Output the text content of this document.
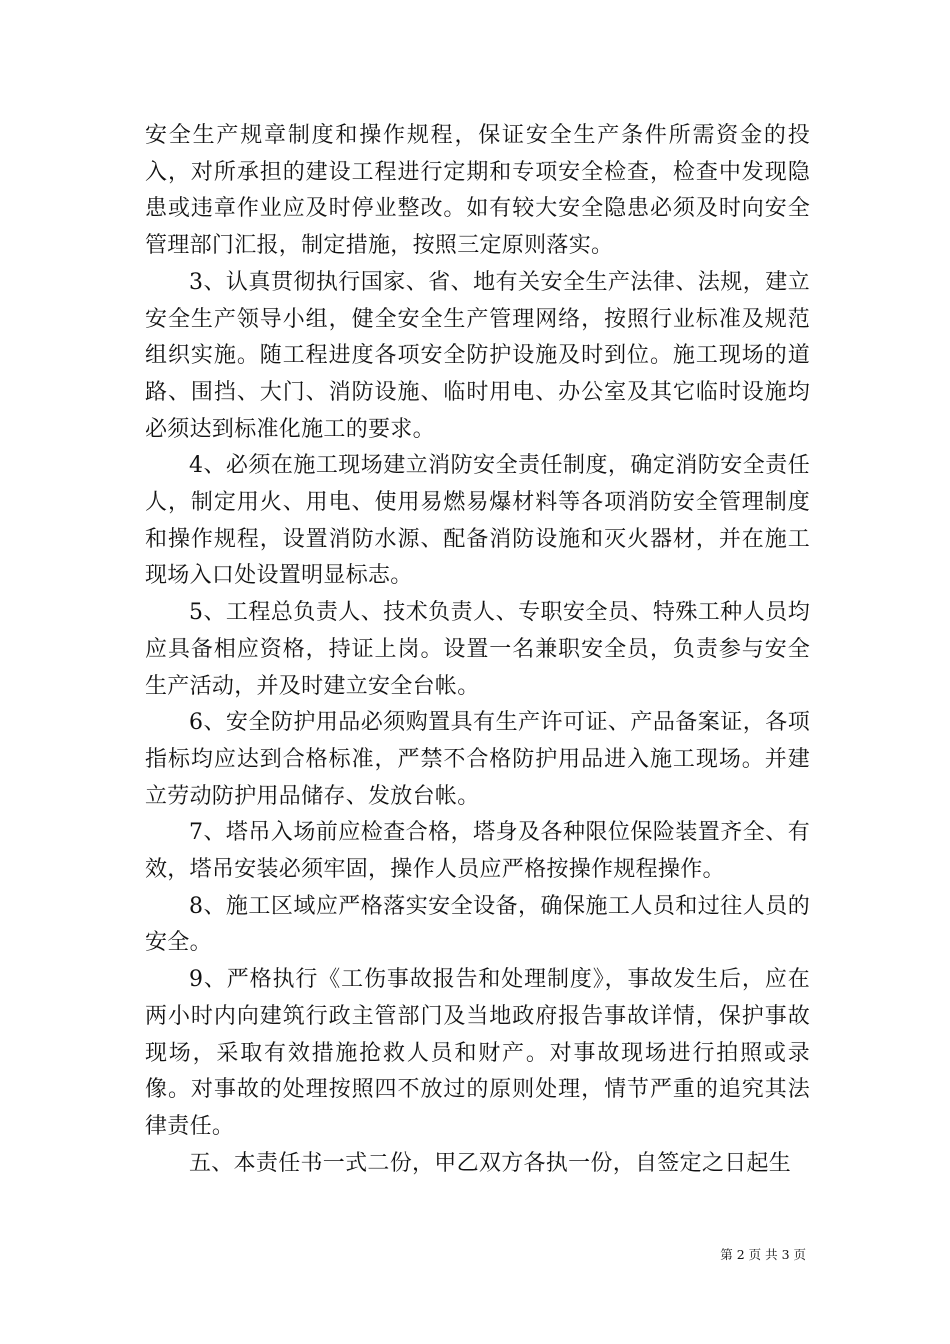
安全生产规章制度和操作规程，保证安全生产条件所需资金的投入，对所承担的建设工程进行定期和专项安全检查，检查中发现隐患或违章作业应及时停业整改。如有较大安全隐患必须及时向安全管理部门汇报，制定措施，按照三定原则落实。

3、认真贯彻执行国家、省、地有关安全生产法律、法规，建立安全生产领导小组，健全安全生产管理网络，按照行业标准及规范组织实施。随工程进度各项安全防护设施及时到位。施工现场的道路、围挡、大门、消防设施、临时用电、办公室及其它临时设施均必须达到标准化施工的要求。

4、必须在施工现场建立消防安全责任制度，确定消防安全责任人，制定用火、用电、使用易燃易爆材料等各项消防安全管理制度和操作规程，设置消防水源、配备消防设施和灭火器材，并在施工现场入口处设置明显标志。

5、工程总负责人、技术负责人、专职安全员、特殊工种人员均应具备相应资格，持证上岗。设置一名兼职安全员，负责参与安全生产活动，并及时建立安全台帐。

6、安全防护用品必须购置具有生产许可证、产品备案证，各项指标均应达到合格标准，严禁不合格防护用品进入施工现场。并建立劳动防护用品储存、发放台帐。

7、塔吊入场前应检查合格，塔身及各种限位保险装置齐全、有效，塔吊安装必须牢固，操作人员应严格按操作规程操作。

8、施工区域应严格落实安全设备，确保施工人员和过往人员的安全。

9、严格执行《工伤事故报告和处理制度》，事故发生后，应在两小时内向建筑行政主管部门及当地政府报告事故详情，保护事故现场，采取有效措施抢救人员和财产。对事故现场进行拍照或录像。对事故的处理按照四不放过的原则处理，情节严重的追究其法律责任。

五、本责任书一式二份，甲乙双方各执一份，自签定之日起生

第 2 页 共 3 页
